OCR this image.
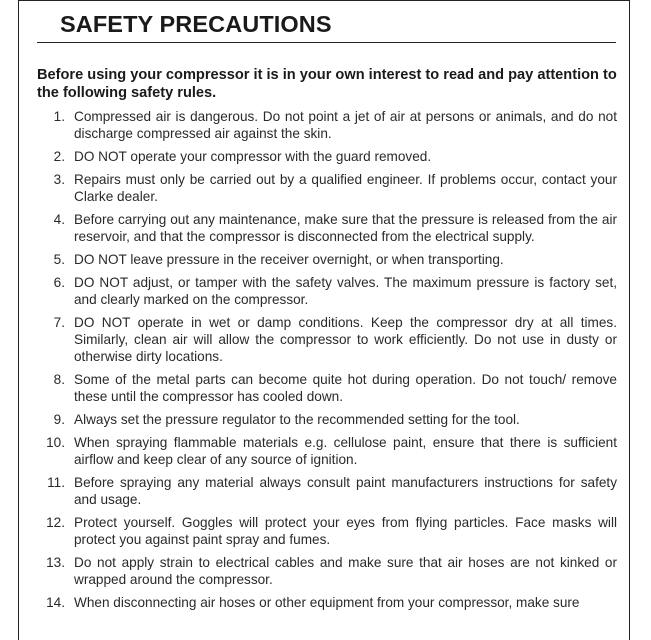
SAFETY PRECAUTIONS

Before using your compressor it is in your own interest to read and pay attention to the following safety rules.

1. Compressed air is dangerous. Do not point a jet of air at persons or animals, and do not discharge compressed air against the skin.
2. DO NOT operate your compressor with the guard removed.
3. Repairs must only be carried out by a qualified engineer. If problems occur, contact your Clarke dealer.
4. Before carrying out any maintenance, make sure that the pressure is released from the air reservoir, and that the compressor is disconnected from the electrical supply.
5. DO NOT leave pressure in the receiver overnight, or when transporting.
6. DO NOT adjust, or tamper with the safety valves. The maximum pressure is factory set, and clearly marked on the compressor.
7. DO NOT operate in wet or damp conditions. Keep the compressor dry at all times. Similarly, clean air will allow the compressor to work efficiently. Do not use in dusty or otherwise dirty locations.
8. Some of the metal parts can become quite hot during operation. Do not touch/ remove these until the compressor has cooled down.
9. Always set the pressure regulator to the recommended setting for the tool.
10. When spraying flammable materials e.g. cellulose paint, ensure that there is sufficient airflow and keep clear of any source of ignition.
11. Before spraying any material always consult paint manufacturers instructions for safety and usage.
12. Protect yourself. Goggles will protect your eyes from flying particles. Face masks will protect you against paint spray and fumes.
13. Do not apply strain to electrical cables and make sure that air hoses are not kinked or wrapped around the compressor.
14. When disconnecting air hoses or other equipment from your compressor, make sure
